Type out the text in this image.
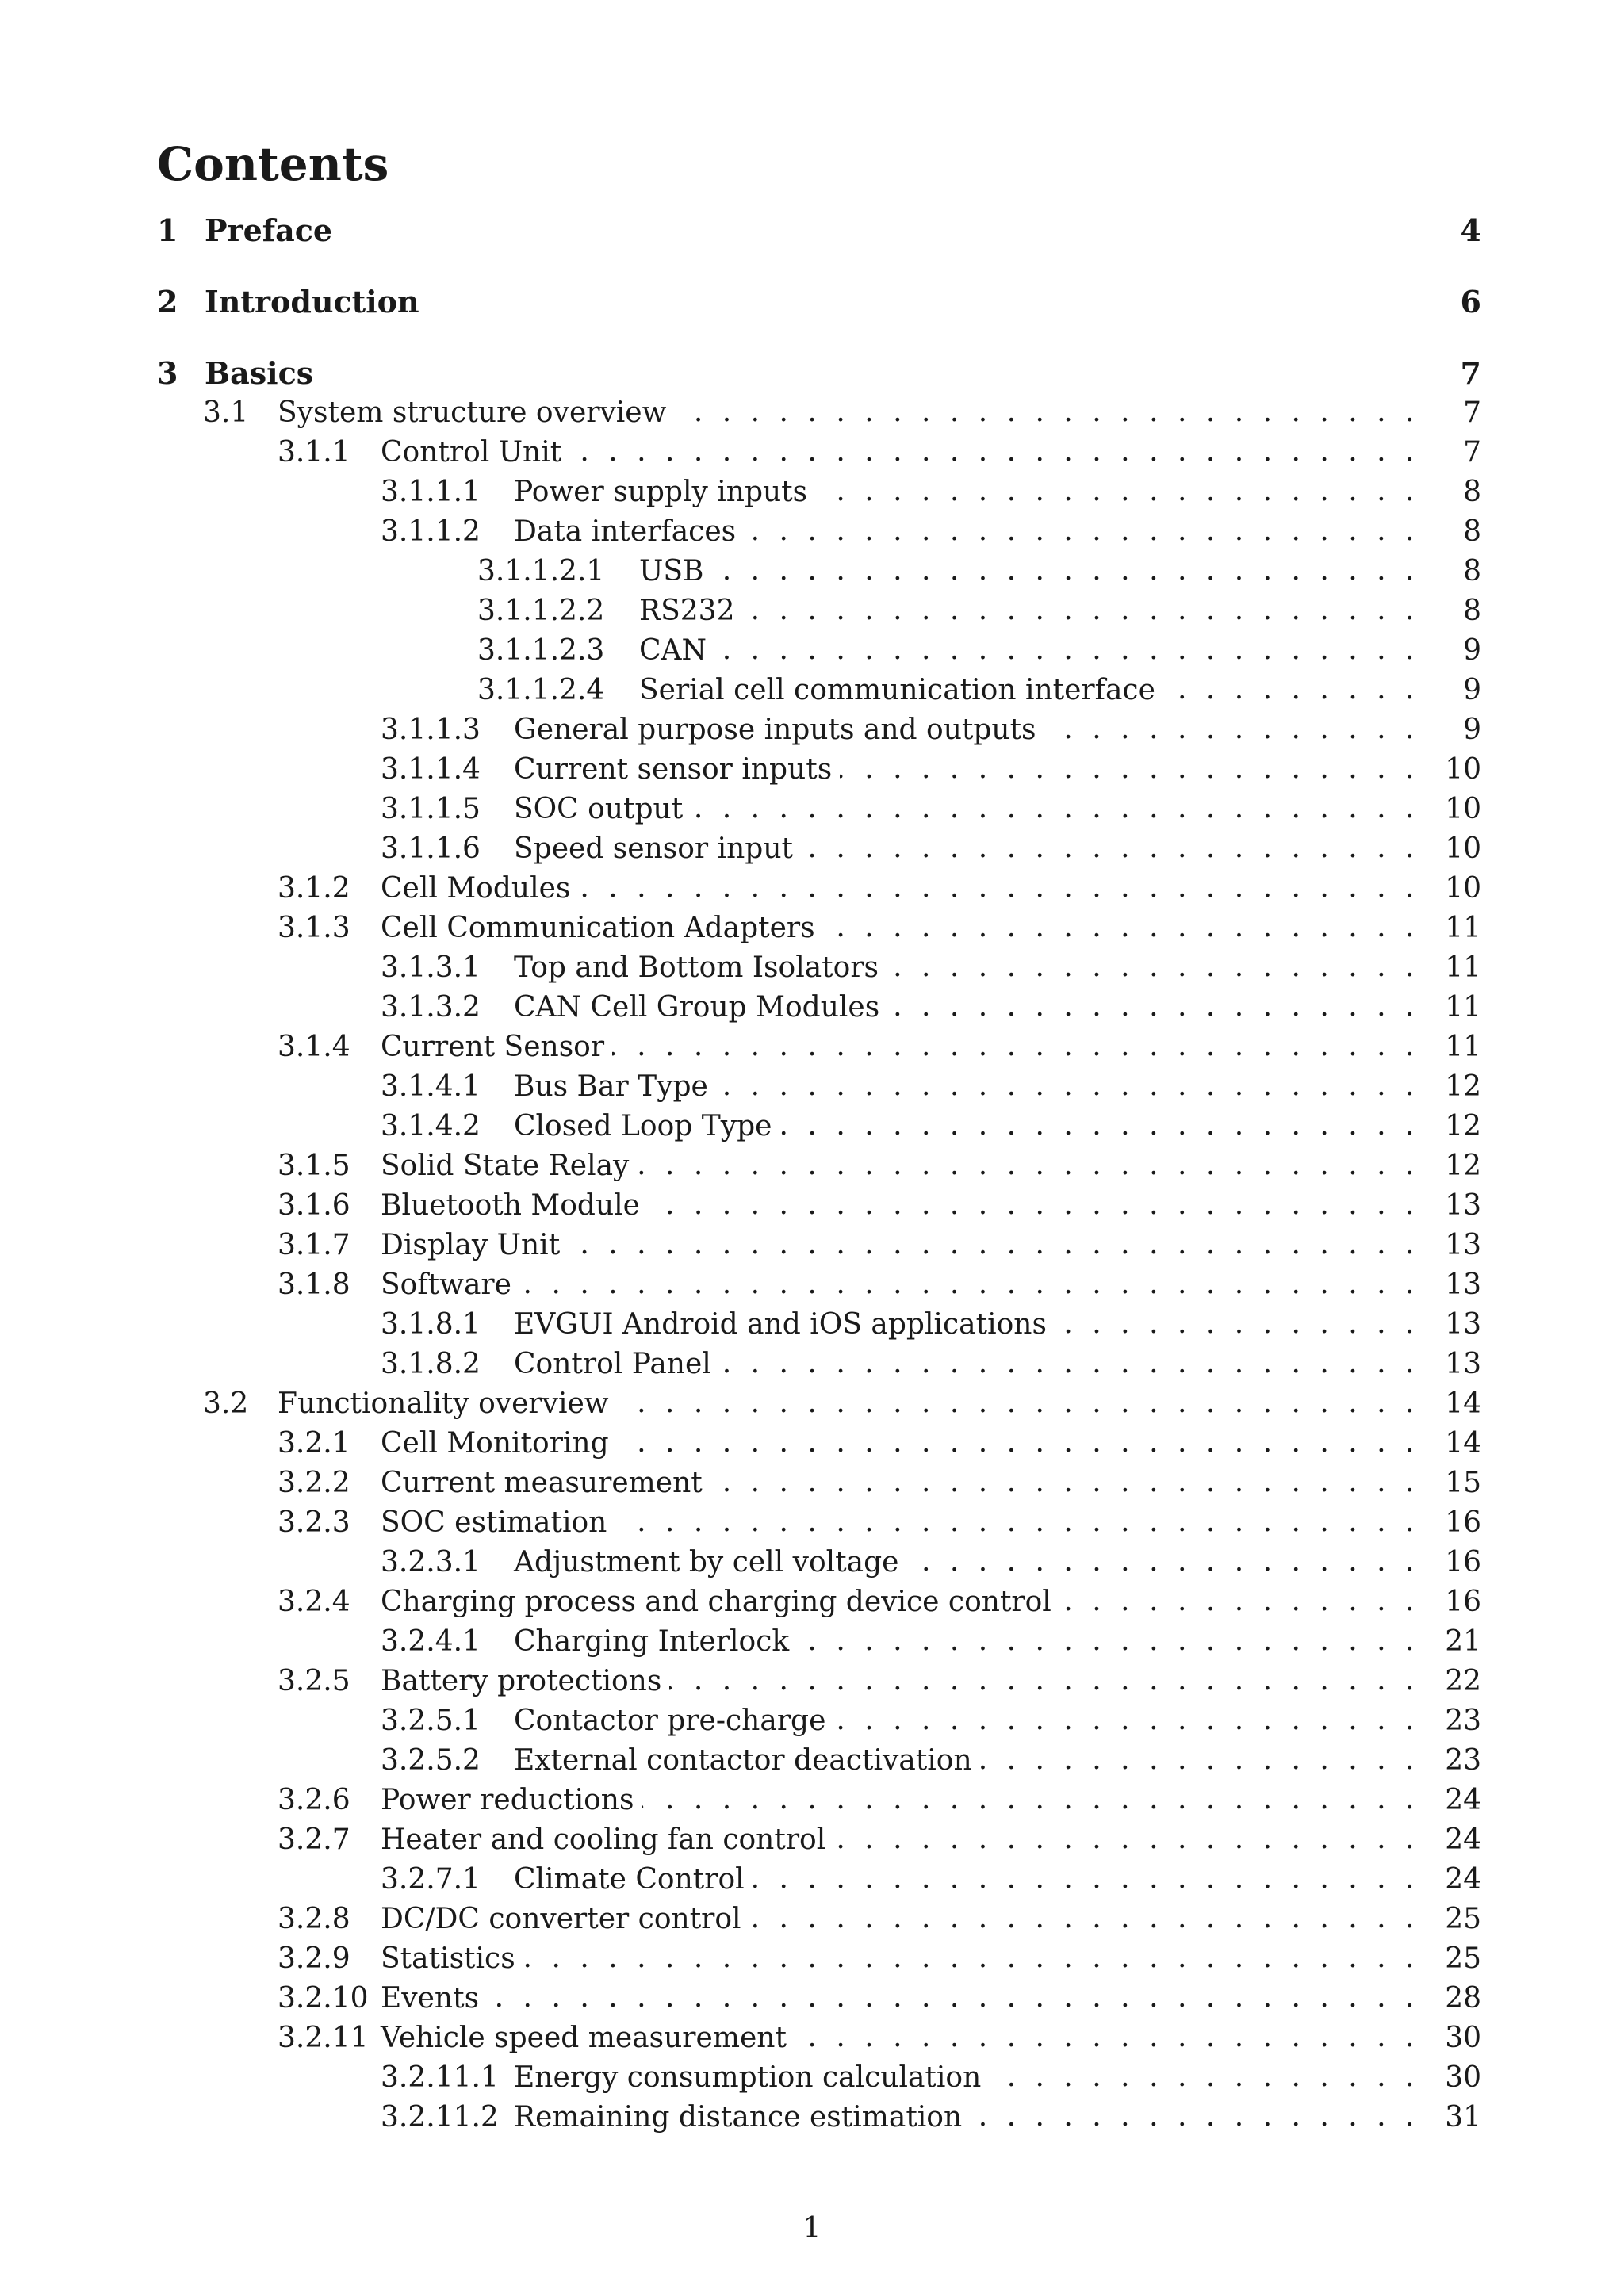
Contents
1 Preface	4
2 Introduction	6
3 Basics	7
3.1	System structure overview . . .	7
3.1.1	Control Unit . . .	7
3.1.1.1	Power supply inputs . . .	8
3.1.1.2	Data interfaces . . .	8
3.1.1.2.1	USB . . .	8
3.1.1.2.2	RS232 . . .	8
3.1.1.2.3	CAN . . .	9
3.1.1.2.4	Serial cell communication interface . . .	9
3.1.1.3	General purpose inputs and outputs . . .	9
3.1.1.4	Current sensor inputs . . .	10
3.1.1.5	SOC output . . .	10
3.1.1.6	Speed sensor input . . .	10
3.1.2	Cell Modules . . .	10
3.1.3	Cell Communication Adapters . . .	11
3.1.3.1	Top and Bottom Isolators . . .	11
3.1.3.2	CAN Cell Group Modules . . .	11
3.1.4	Current Sensor . . .	11
3.1.4.1	Bus Bar Type . . .	12
3.1.4.2	Closed Loop Type . . .	12
3.1.5	Solid State Relay . . .	12
3.1.6	Bluetooth Module . . .	13
3.1.7	Display Unit . . .	13
3.1.8	Software . . .	13
3.1.8.1	EVGUI Android and iOS applications . . .	13
3.1.8.2	Control Panel . . .	13
3.2	Functionality overview . . .	14
3.2.1	Cell Monitoring . . .	14
3.2.2	Current measurement . . .	15
3.2.3	SOC estimation . . .	16
3.2.3.1	Adjustment by cell voltage . . .	16
3.2.4	Charging process and charging device control . . .	16
3.2.4.1	Charging Interlock . . .	21
3.2.5	Battery protections . . .	22
3.2.5.1	Contactor pre-charge . . .	23
3.2.5.2	External contactor deactivation . . .	23
3.2.6	Power reductions . . .	24
3.2.7	Heater and cooling fan control . . .	24
3.2.7.1	Climate Control . . .	24
3.2.8	DC/DC converter control . . .	25
3.2.9	Statistics . . .	25
3.2.10 Events . . .	28
3.2.11 Vehicle speed measurement . . .	30
3.2.11.1 Energy consumption calculation . . .	30
3.2.11.2 Remaining distance estimation . . .	31
1
